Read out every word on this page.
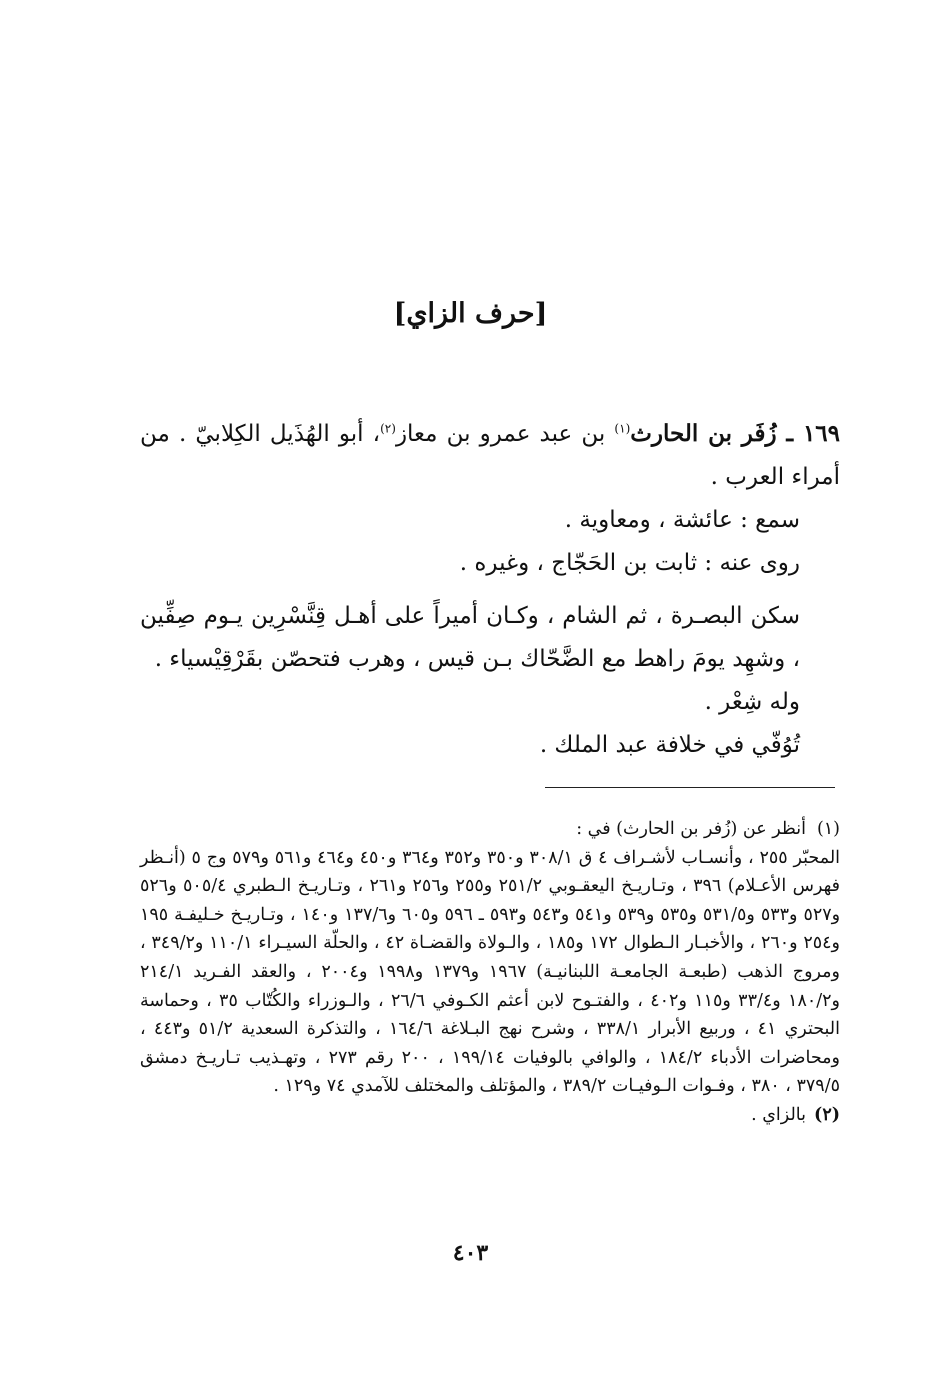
[حرف الزاي]

١٦٩ ـ زُفَر بن الحارث$^{(١)}$ بن عبد عمرو بن معاز$^{(٢)}$، أبو الهُذَيل الكِلابيّ . من أمراء العرب .

سمع : عائشة ، ومعاوية .

روى عنه : ثابت بن الحَجّاج ، وغيره .

سكن البصـرة ، ثم الشام ، وكـان أميراً على أهـل قِنَّسْرِين يـوم صِفِّين ، وشهِد يومَ راهط مع الضَّحّاك بـن قيس ، وهرب فتحصّن بقَرْقِيْسياء .

وله شِعْر .

تُوُفّي في خلافة عبد الملك .

(١)أنظر عن (زُفر بن الحارث) في :

المحبّر ٢٥٥ ، وأنسـاب لأشـراف ٤ ق ٣٠٨/١ و٣٥٠ و٣٥٢ و٣٦٤ و٤٥٠ و٤٦٤ و٥٦١ و٥٧٩ وج ٥ (أنـظر فهرس الأعـلام) ٣٩٦ ، وتـاريـخ اليعقـوبي ٢٥١/٢ و٢٥٥ و٢٥٦ و٢٦١ ، وتـاريـخ الـطبري ٥٠٥/٤ و٥٢٦ و٥٢٧ و٥٣٣ و٥٣١/٥ و٥٣٥ و٥٣٩ و٥٤١ و٥٤٣ و٥٩٣ ـ ٥٩٦ و٦٠٥ و١٣٧/٦ و١٤٠ ، وتـاريـخ خـليفـة ١٩٥ و٢٥٤ و٢٦٠ ، والأخبـار الـطوال ١٧٢ و١٨٥ ، والـولاة والقضـاة ٤٢ ، والحلّة السيـراء ١١٠/١ و٣٤٩/٢ ، ومروج الذهب (طبعـة الجامعـة اللبنانيـة) ١٩٦٧ و١٣٧٩ و١٩٩٨ و٢٠٠٤ ، والعقد الفـريد ٢١٤/١ و١٨٠/٢ و٣٣/٤ و١١٥ و٤٠٢ ، والفتـوح لابن أعثم الكـوفي ٢٦/٦ ، والـوزراء والكُتّاب ٣٥ ، وحماسة البحتري ٤١ ، وربيع الأبرار ٣٣٨/١ ، وشرح نهج البـلاغة ١٦٤/٦ ، والتذكرة السعدية ٥١/٢ و٤٤٣ ، ومحاضرات الأدباء ١٨٤/٢ ، والوافي بالوفيات ١٩٩/١٤ ، ٢٠٠ رقم ٢٧٣ ، وتهـذيب تـاريـخ دمشق ٣٧٩/٥ ، ٣٨٠ ، وفـوات الـوفيـات ٣٨٩/٢ ، والمؤتلف والمختلف للآمدي ٧٤ و١٢٩ .

(٢)بالزاي .

٤٠٣
